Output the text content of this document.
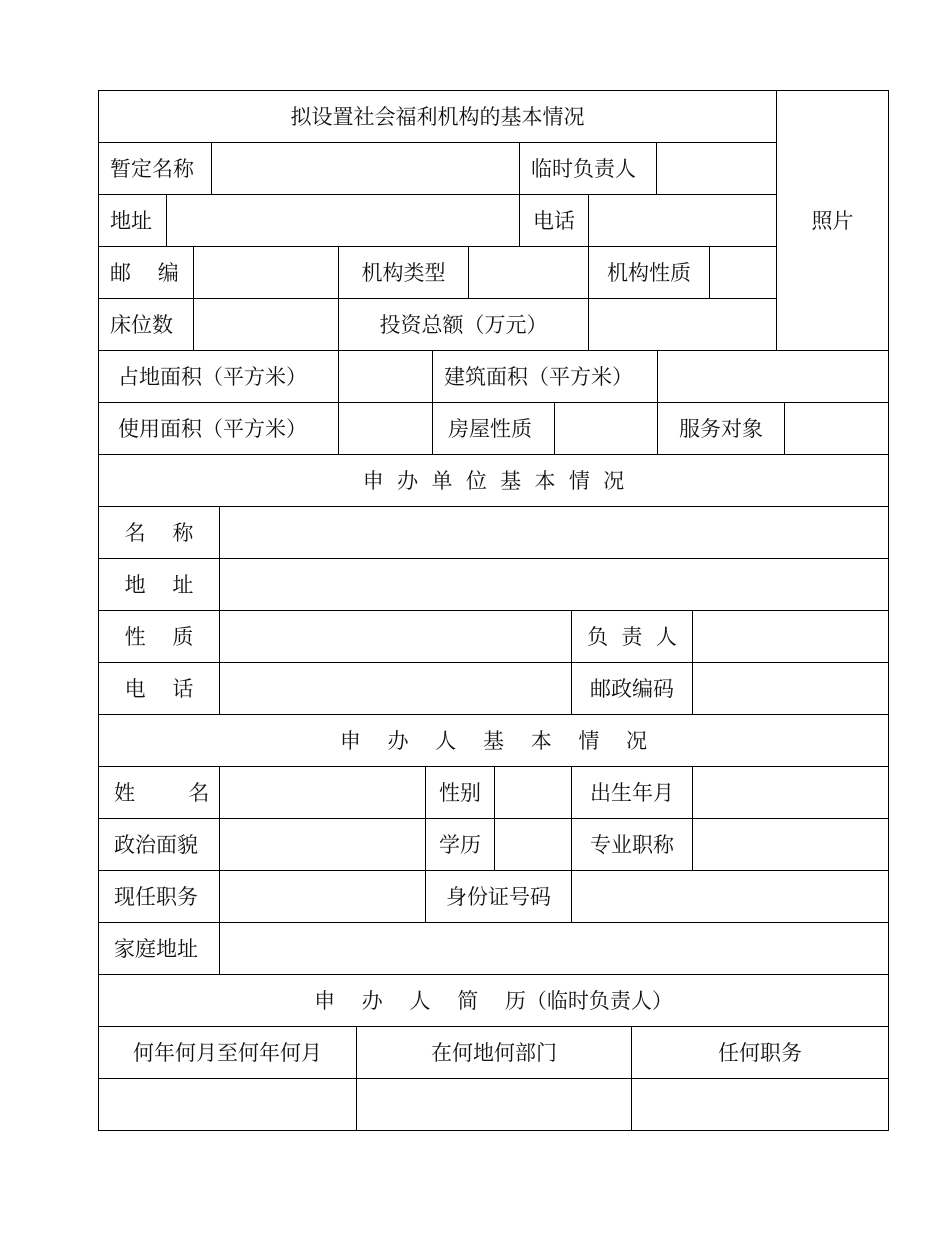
拟设置社会福利机构的基本情况
暂定名称	临时负责人
照片
地址	电话
邮    编	机构类型	机构性质
床位数	投资总额（万元）
占地面积（平方米）	建筑面积（平方米）
使用面积（平方米）	房屋性质	服务对象
申  办  单  位  基  本  情  况
名    称
地    址
性    质	负  责  人
电    话	邮政编码
申    办    人    基    本    情    况
姓        名	性别	出生年月
政治面貌	学历	专业职称
现任职务	身份证号码
家庭地址
申    办    人    简    历（临时负责人）
何年何月至何年何月	在何地何部门	任何职务
